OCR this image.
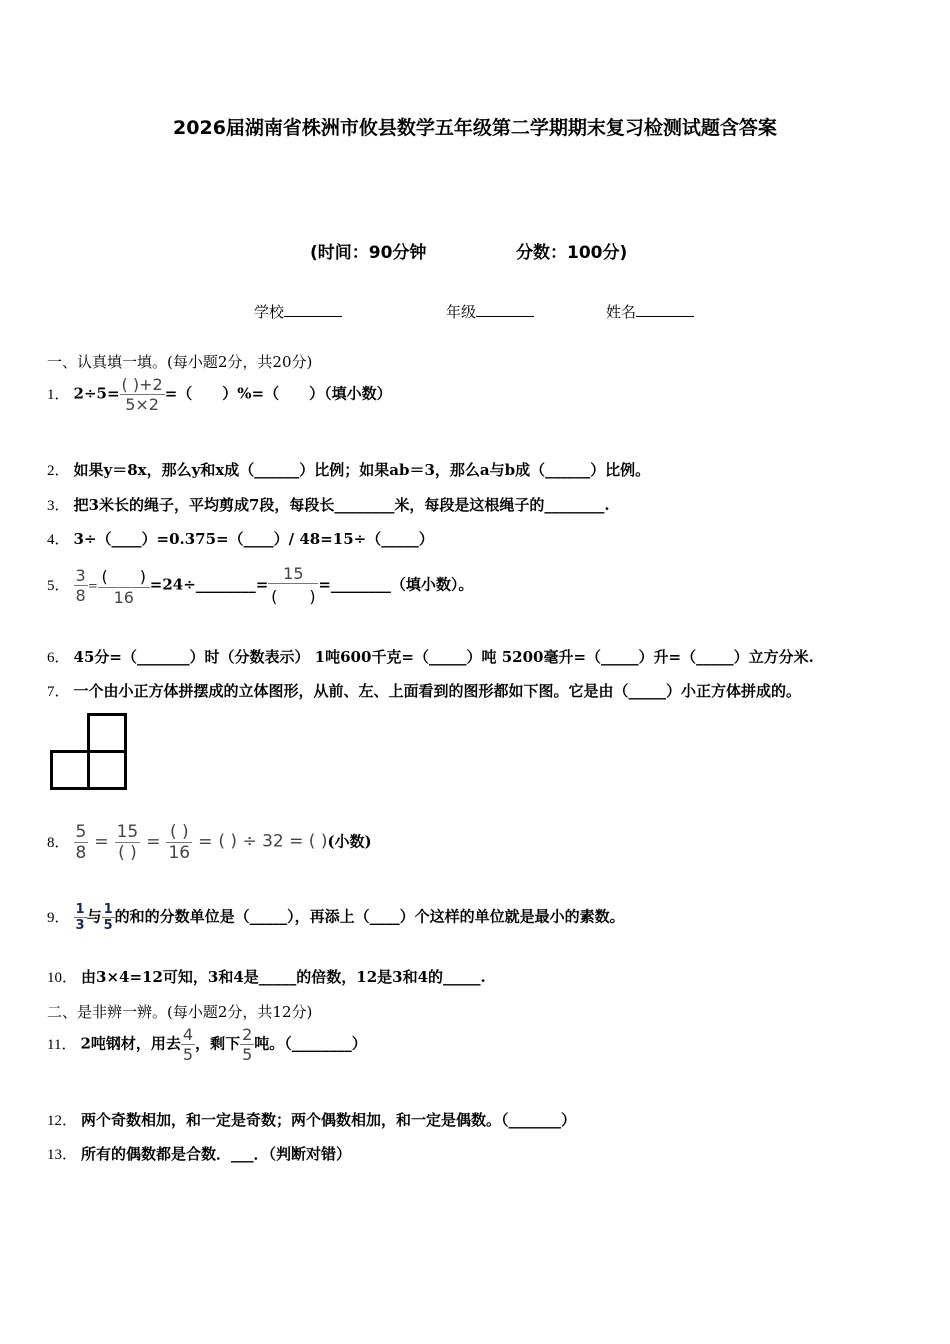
2026届湖南省株洲市攸县数学五年级第二学期期末复习检测试题含答案
(时间：90分钟	分数：100分)
学校	年级	姓名
一、认真填一填。(每小题2分，共20分)
1． $2\div 5= \frac{( )+2}{5\times 2}$ =（　　）%=（　　）（填小数）
2． 如果y＝8x，那么y和x成（______）比例；如果ab＝3，那么a与b成（______）比例。
3． 把3米长的绳子，平均剪成7段，每段长________米，每段是这根绳子的________.
4． 3÷（____）=0.375=（____）/ 48=15÷（_____）
5． $\frac{3}{8} = \frac{( )}{16}$ =24÷________= $\frac{15}{( )}$ =________（填小数）。
6． 45分=（_______）时（分数表示） 1吨600千克=（_____）吨 5200毫升=（_____）升=（_____）立方分米.
7． 一个由小正方体拼摆成的立体图形，从前、左、上面看到的图形都如下图。它是由（_____）小正方体拼成的。
8． $\frac{5}{8} = \frac{15}{( )} = \frac{( )}{16}$ = ( ) ÷ 32 = ( )(小数)
9． $\frac{1}{3}$ 与 $\frac{1}{5}$ 的和的分数单位是（_____），再添上（____）个这样的单位就是最小的素数。
10． 由3×4=12可知，3和4是_____的倍数，12是3和4的_____.
二、是非辨一辨。(每小题2分，共12分)
11． 2吨钢材，用去 $\frac{4}{5}$ ，剩下 $\frac{2}{5}$ 吨。（________）
12． 两个奇数相加，和一定是奇数；两个偶数相加，和一定是偶数。（_______）
13． 所有的偶数都是合数．___．（判断对错）
